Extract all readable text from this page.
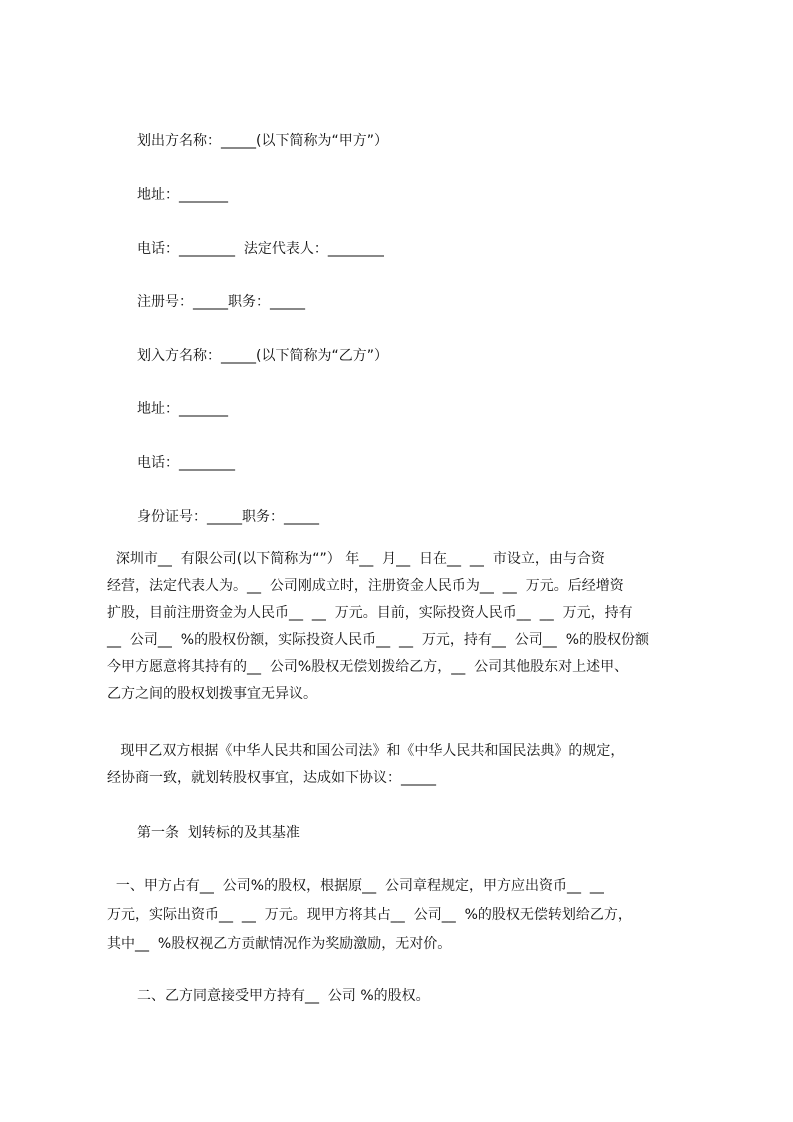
划出方名称：_____(以下简称为“甲方”）
地址：_______
电话：________  法定代表人：________
注册号：_____职务：_____
划入方名称：_____(以下简称为“乙方”）
地址：_______
电话：________
身份证号：_____职务：_____
深圳市__  有限公司(以下简称为“”） 年__  月__  日在__  __  市设立，由与合资
经营，法定代表人为。__  公司刚成立时，注册资金人民币为__  __  万元。后经增资
扩股，目前注册资金为人民币__  __  万元。目前，实际投资人民币__  __  万元，持有
__  公司__  %的股权份额，实际投资人民币__  __  万元，持有__  公司__  %的股权份额
今甲方愿意将其持有的__  公司%股权无偿划拨给乙方，__  公司其他股东对上述甲、
乙方之间的股权划拨事宜无异议。
现甲乙双方根据《中华人民共和国公司法》和《中华人民共和国民法典》的规定，
经协商一致，就划转股权事宜，达成如下协议：_____
第一条  划转标的及其基准
一、甲方占有__  公司%的股权，根据原__  公司章程规定，甲方应出资币__  __
万元，实际出资币__  __  万元。现甲方将其占__  公司__  %的股权无偿转划给乙方，
其中__  %股权视乙方贡献情况作为奖励激励，无对价。
二、乙方同意接受甲方持有__  公司 %的股权。
